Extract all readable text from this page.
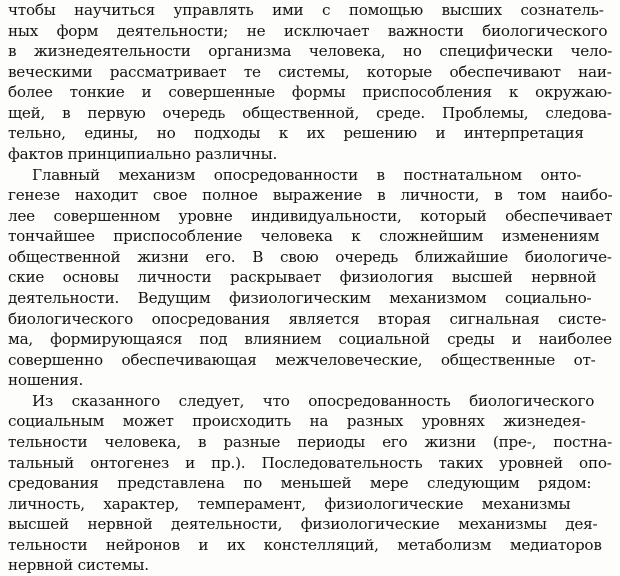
чтобы научиться управлять ими с помощью высших сознатель-

ных форм деятельности; не исключает важности биологического

в жизнедеятельности организма человека, но специфически чело-

веческими рассматривает те системы, которые обеспечивают наи-

более тонкие и совершенные формы приспособления к окружаю-

щей, в первую очередь общественной, среде. Проблемы, следова-

тельно, едины, но подходы к их решению и интерпретация

фактов принципиально различны.

Главный механизм опосредованности в постнатальном онто-

генезе находит свое полное выражение в личности, в том наибо-

лее совершенном уровне индивидуальности, который обеспечивает

тончайшее приспособление человека к сложнейшим изменениям

общественной жизни его. В свою очередь ближайшие биологиче-

ские основы личности раскрывает физиология высшей нервной

деятельности. Ведущим физиологическим механизмом социально-

биологического опосредования является вторая сигнальная систе-

ма, формирующаяся под влиянием социальной среды и наиболее

совершенно обеспечивающая межчеловеческие, общественные от-

ношения.

Из сказанного следует, что опосредованность биологического

социальным может происходить на разных уровнях жизнедея-

тельности человека, в разные периоды его жизни (пре-, постна-

тальный онтогенез и пр.). Последовательность таких уровней опо-

средования представлена по меньшей мере следующим рядом:

личность, характер, темперамент, физиологические механизмы

высшей нервной деятельности, физиологические механизмы дея-

тельности нейронов и их констелляций, метаболизм медиаторов

нервной системы.
